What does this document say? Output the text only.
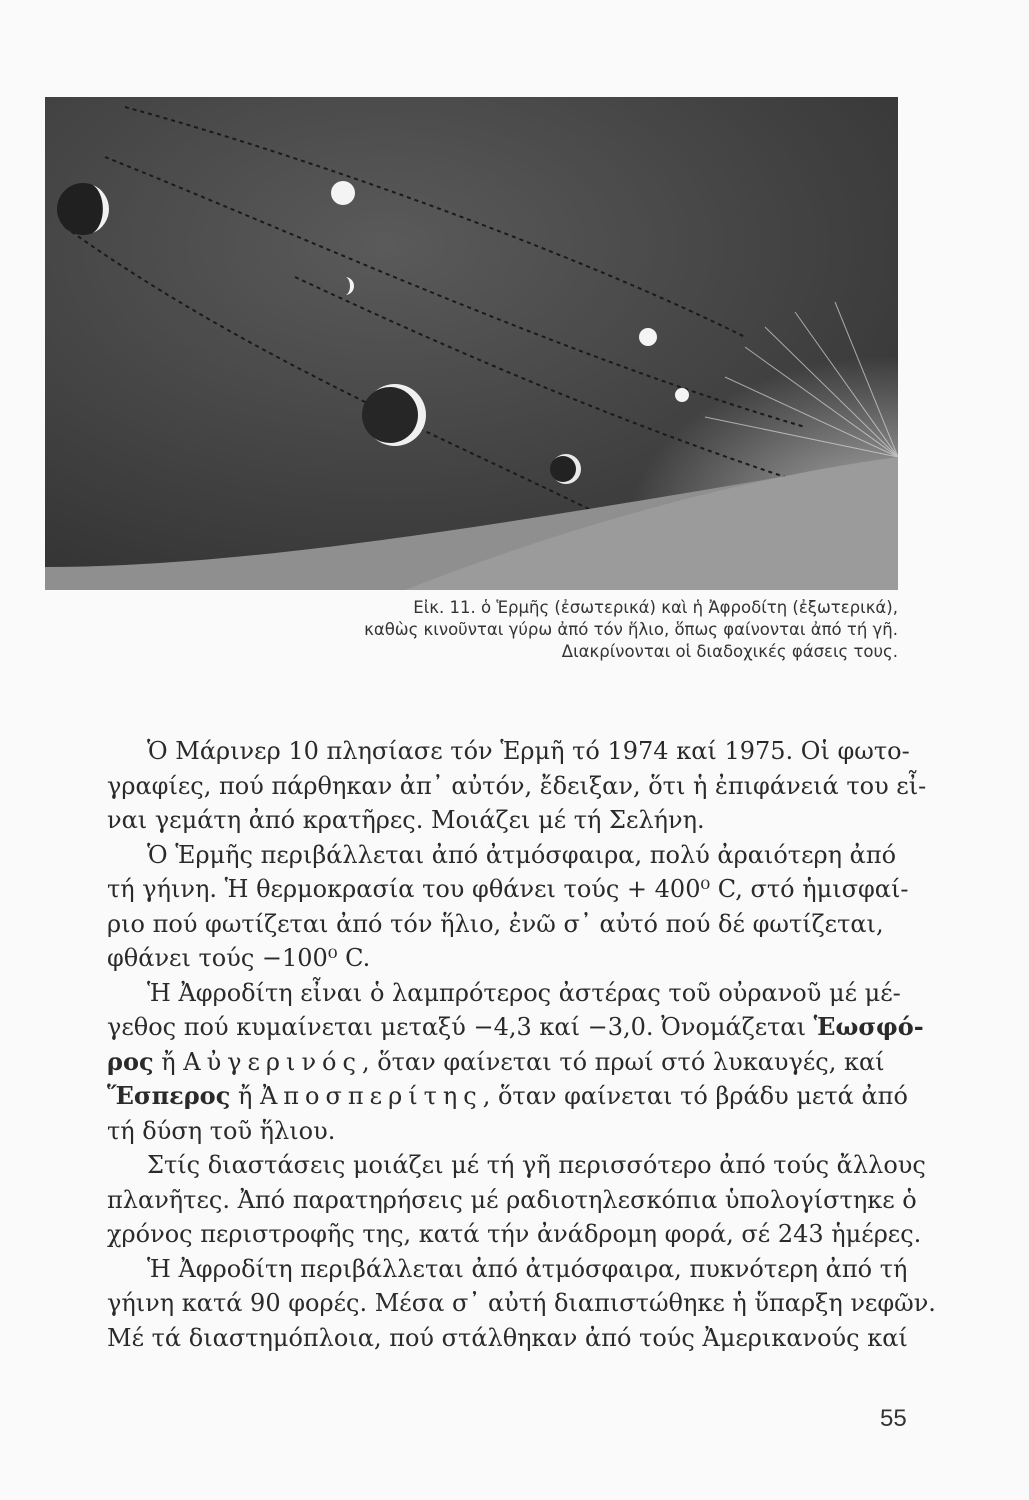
Εἰκ. 11. ὁ Ἑρμῆς (ἐσωτερικά) καὶ ἡ Ἀφροδίτη (ἐξωτερικά),
καθὼς κινοῦνται γύρω ἀπό τόν ἥλιο, ὅπως φαίνονται ἀπό τή γῆ.
Διακρίνονται οἱ διαδοχικές φάσεις τους.
Ὁ Μάρινερ 10 πλησίασε τόν Ἑρμῆ τό 1974 καί 1975. Οἱ φωτο-
γραφίες, πού πάρθηκαν ἀπ᾽ αὐτόν, ἔδειξαν, ὅτι ἡ ἐπιφάνειά του εἶ-
ναι γεμάτη ἀπό κρατῆρες. Μοιάζει μέ τή Σελήνη.
Ὁ Ἑρμῆς περιβάλλεται ἀπό ἀτμόσφαιρα, πολύ ἀραιότερη ἀπό
τή γήινη. Ἡ θερμοκρασία του φθάνει τούς + 400⁰ C, στό ἡμισφαί-
ριο πού φωτίζεται ἀπό τόν ἥλιο, ἐνῶ σ᾽ αὐτό πού δέ φωτίζεται,
φθάνει τούς −100⁰ C.
Ἡ Ἀφροδίτη εἶναι ὁ λαμπρότερος ἀστέρας τοῦ οὐρανοῦ μέ μέ-
γεθος πού κυμαίνεται μεταξύ −4,3 καί −3,0. Ὀνομάζεται Ἑωσφό-
ρος ἤ Αὐγερινός, ὅταν φαίνεται τό πρωί στό λυκαυγές, καί
Ἕσπερος ἤ Ἀποσπερίτης, ὅταν φαίνεται τό βράδυ μετά ἀπό
τή δύση τοῦ ἥλιου.
Στίς διαστάσεις μοιάζει μέ τή γῆ περισσότερο ἀπό τούς ἄλλους
πλανῆτες. Ἀπό παρατηρήσεις μέ ραδιοτηλεσκόπια ὑπολογίστηκε ὁ
χρόνος περιστροφῆς της, κατά τήν ἀνάδρομη φορά, σέ 243 ἡμέρες.
Ἡ Ἀφροδίτη περιβάλλεται ἀπό ἀτμόσφαιρα, πυκνότερη ἀπό τή
γήινη κατά 90 φορές. Μέσα σ᾽ αὐτή διαπιστώθηκε ἡ ὕπαρξη νεφῶν.
Μέ τά διαστημόπλοια, πού στάλθηκαν ἀπό τούς Ἀμερικανούς καί
55
